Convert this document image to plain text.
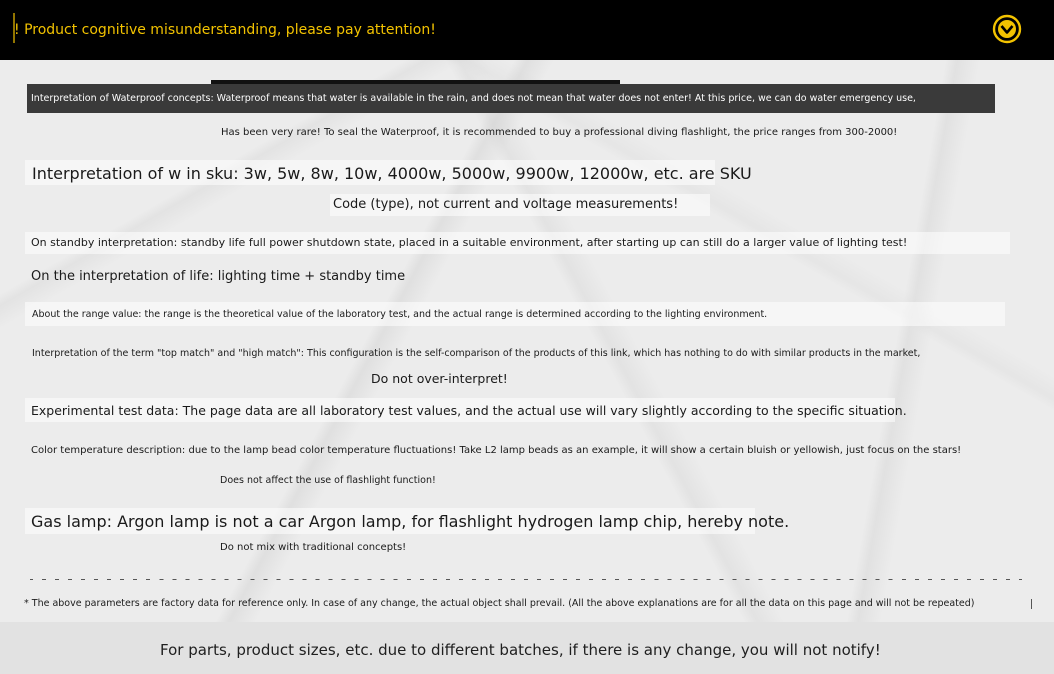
! Product cognitive misunderstanding, please pay attention!
Interpretation of Waterproof concepts: Waterproof means that water is available in the rain, and does not mean that water does not enter! At this price, we can do water emergency use,
Has been very rare! To seal the Waterproof, it is recommended to buy a professional diving flashlight, the price ranges from 300-2000!
Interpretation of w in sku: 3w, 5w, 8w, 10w, 4000w, 5000w, 9900w, 12000w, etc. are SKU
Code (type), not current and voltage measurements!
On standby interpretation: standby life full power shutdown state, placed in a suitable environment, after starting up can still do a larger value of lighting test!
On the interpretation of life: lighting time + standby time
About the range value: the range is the theoretical value of the laboratory test, and the actual range is determined according to the lighting environment.
Interpretation of the term "top match" and "high match": This configuration is the self-comparison of the products of this link, which has nothing to do with similar products in the market,
Do not over-interpret!
Experimental test data: The page data are all laboratory test values, and the actual use will vary slightly according to the specific situation.
Color temperature description: due to the lamp bead color temperature fluctuations! Take L2 lamp beads as an example, it will show a certain bluish or yellowish, just focus on the stars!
Does not affect the use of flashlight function!
Gas lamp: Argon lamp is not a car Argon lamp, for flashlight hydrogen lamp chip, hereby note.
Do not mix with traditional concepts!
* The above parameters are factory data for reference only. In case of any change, the actual object shall prevail. (All the above explanations are for all the data on this page and will not be repeated)
For parts, product sizes, etc. due to different batches, if there is any change, you will not notify!
